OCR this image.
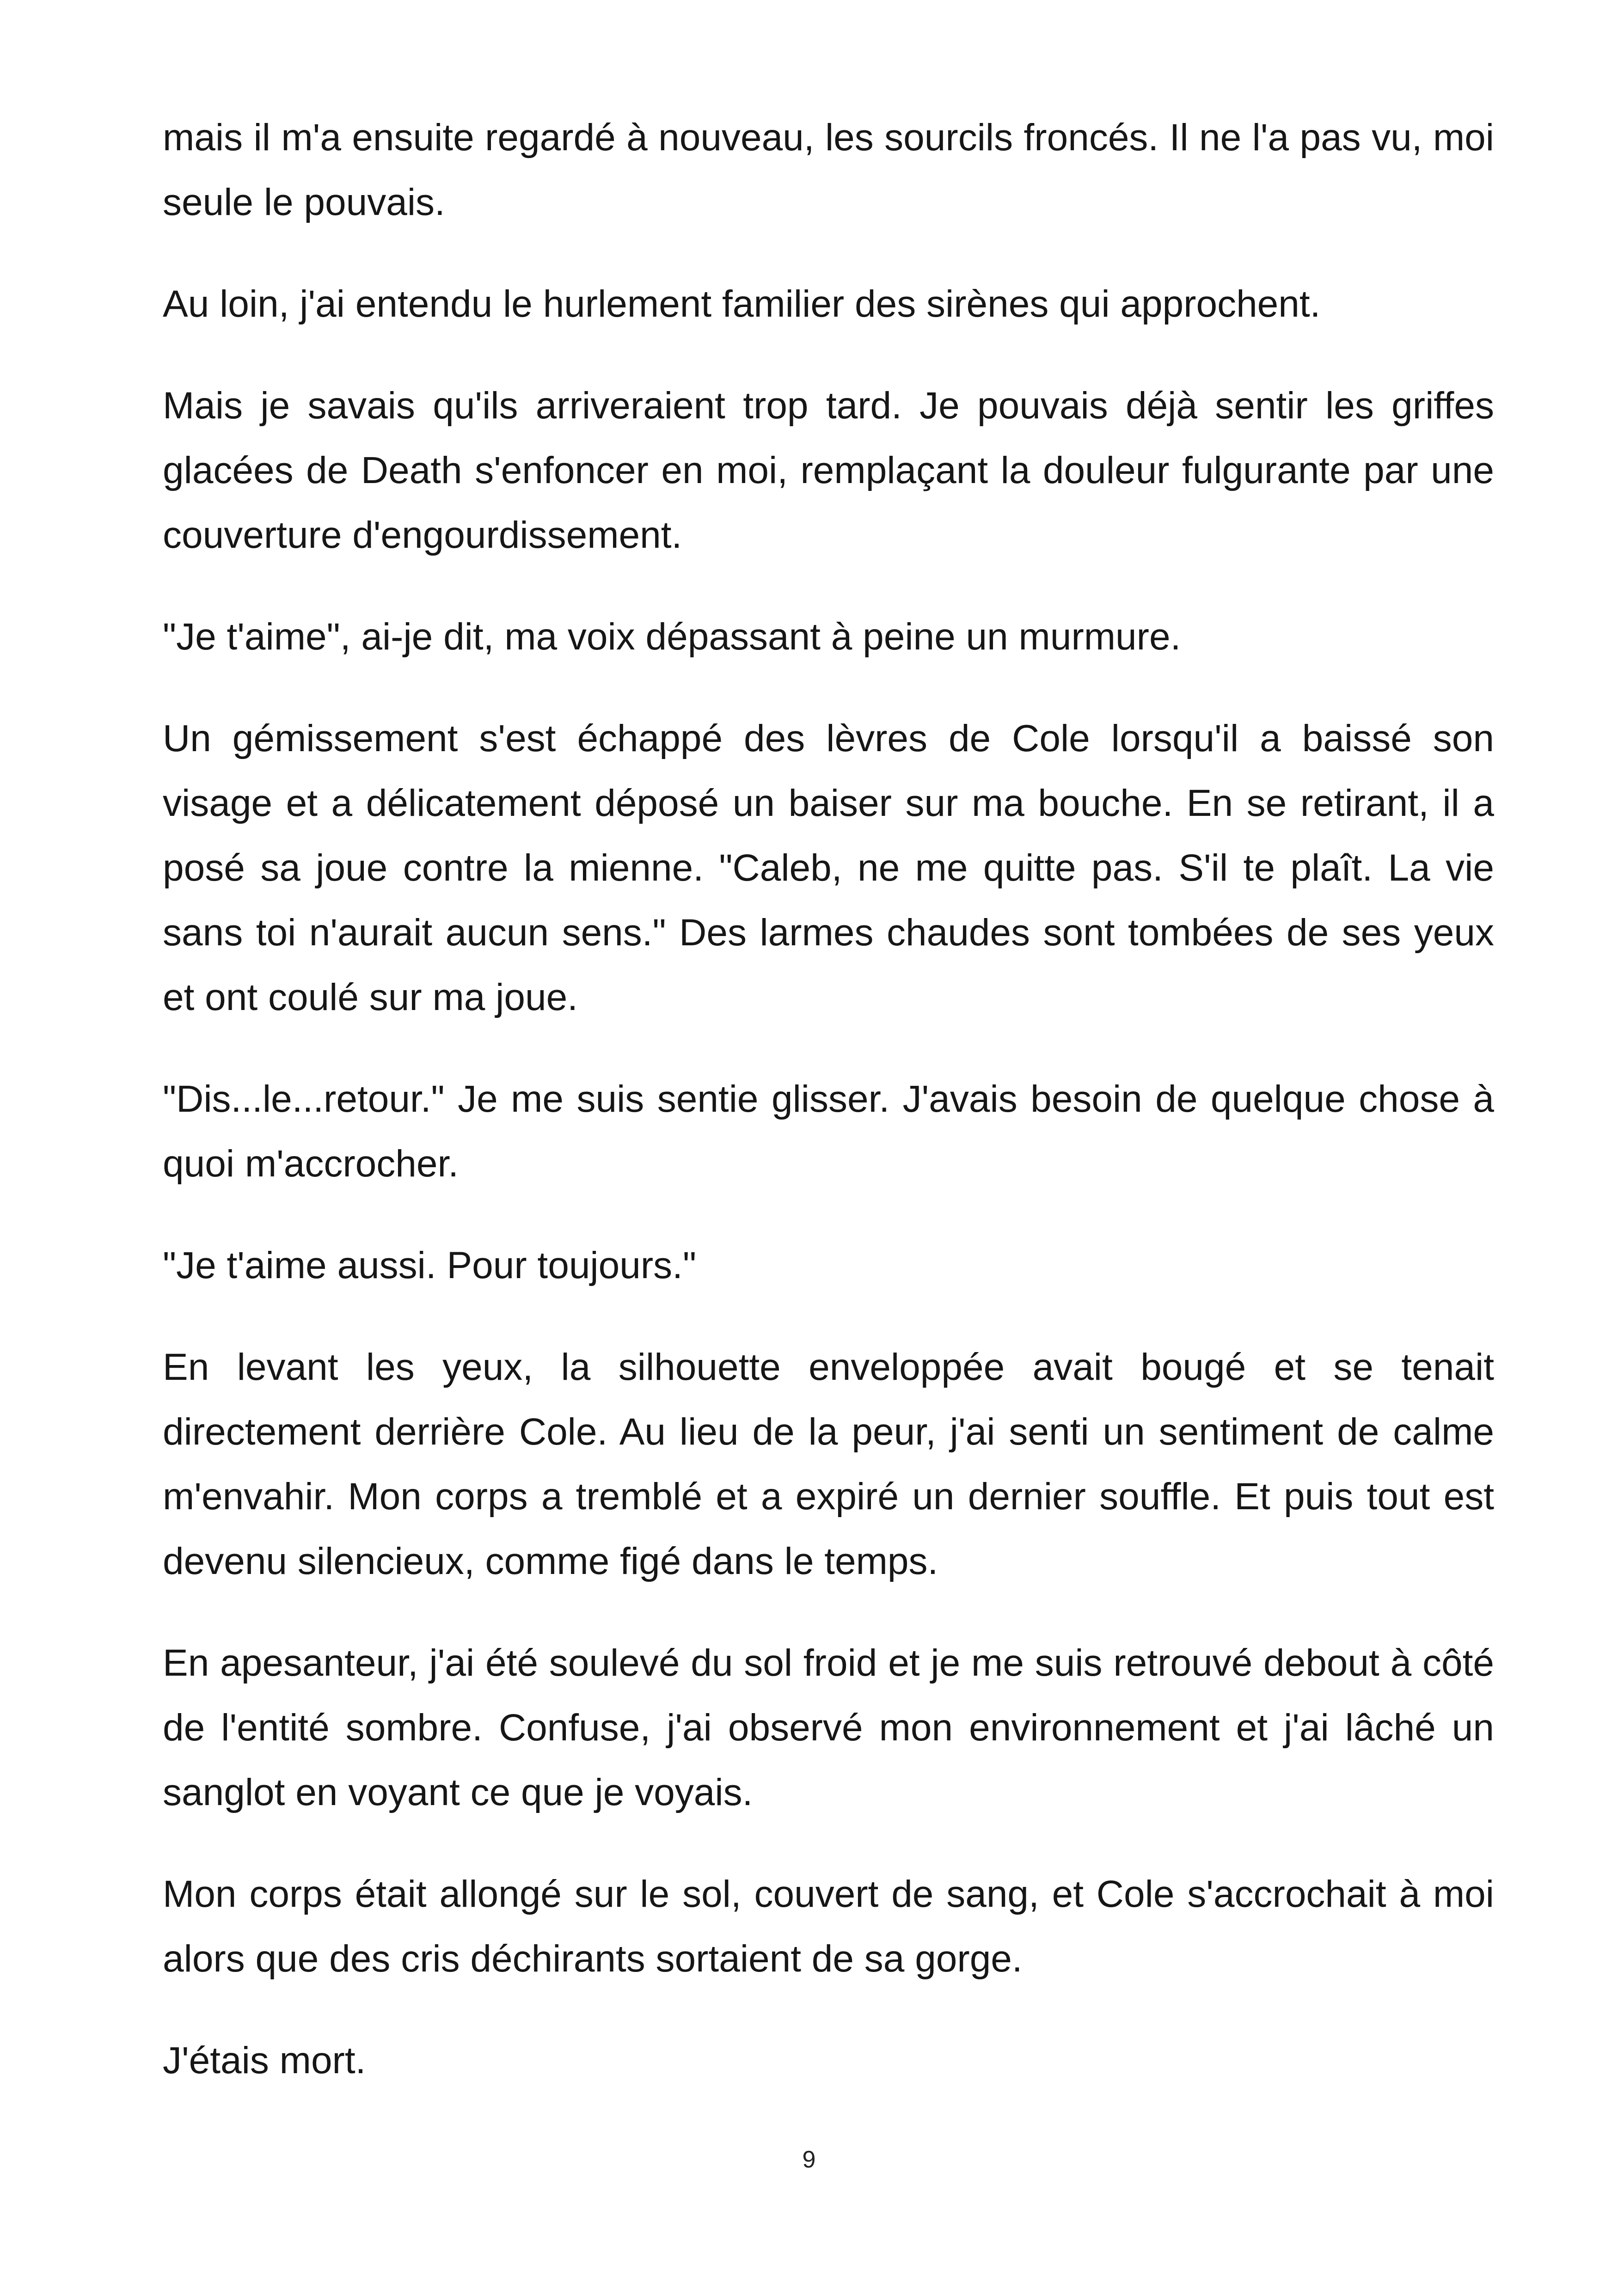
mais il m'a ensuite regardé à nouveau, les sourcils froncés. Il ne l'a pas vu, moi seule le pouvais.

Au loin, j'ai entendu le hurlement familier des sirènes qui approchent.

Mais je savais qu'ils arriveraient trop tard. Je pouvais déjà sentir les griffes glacées de Death s'enfoncer en moi, remplaçant la douleur fulgurante par une couverture d'engourdissement.

"Je t'aime", ai-je dit, ma voix dépassant à peine un murmure.

Un gémissement s'est échappé des lèvres de Cole lorsqu'il a baissé son visage et a délicatement déposé un baiser sur ma bouche. En se retirant, il a posé sa joue contre la mienne. "Caleb, ne me quitte pas. S'il te plaît. La vie sans toi n'aurait aucun sens." Des larmes chaudes sont tombées de ses yeux et ont coulé sur ma joue.

"Dis...le...retour." Je me suis sentie glisser. J'avais besoin de quelque chose à quoi m'accrocher.

"Je t'aime aussi. Pour toujours."

En levant les yeux, la silhouette enveloppée avait bougé et se tenait directement derrière Cole. Au lieu de la peur, j'ai senti un sentiment de calme m'envahir. Mon corps a tremblé et a expiré un dernier souffle. Et puis tout est devenu silencieux, comme figé dans le temps.

En apesanteur, j'ai été soulevé du sol froid et je me suis retrouvé debout à côté de l'entité sombre. Confuse, j'ai observé mon environnement et j'ai lâché un sanglot en voyant ce que je voyais.

Mon corps était allongé sur le sol, couvert de sang, et Cole s'accrochait à moi alors que des cris déchirants sortaient de sa gorge.

J'étais mort.

9
